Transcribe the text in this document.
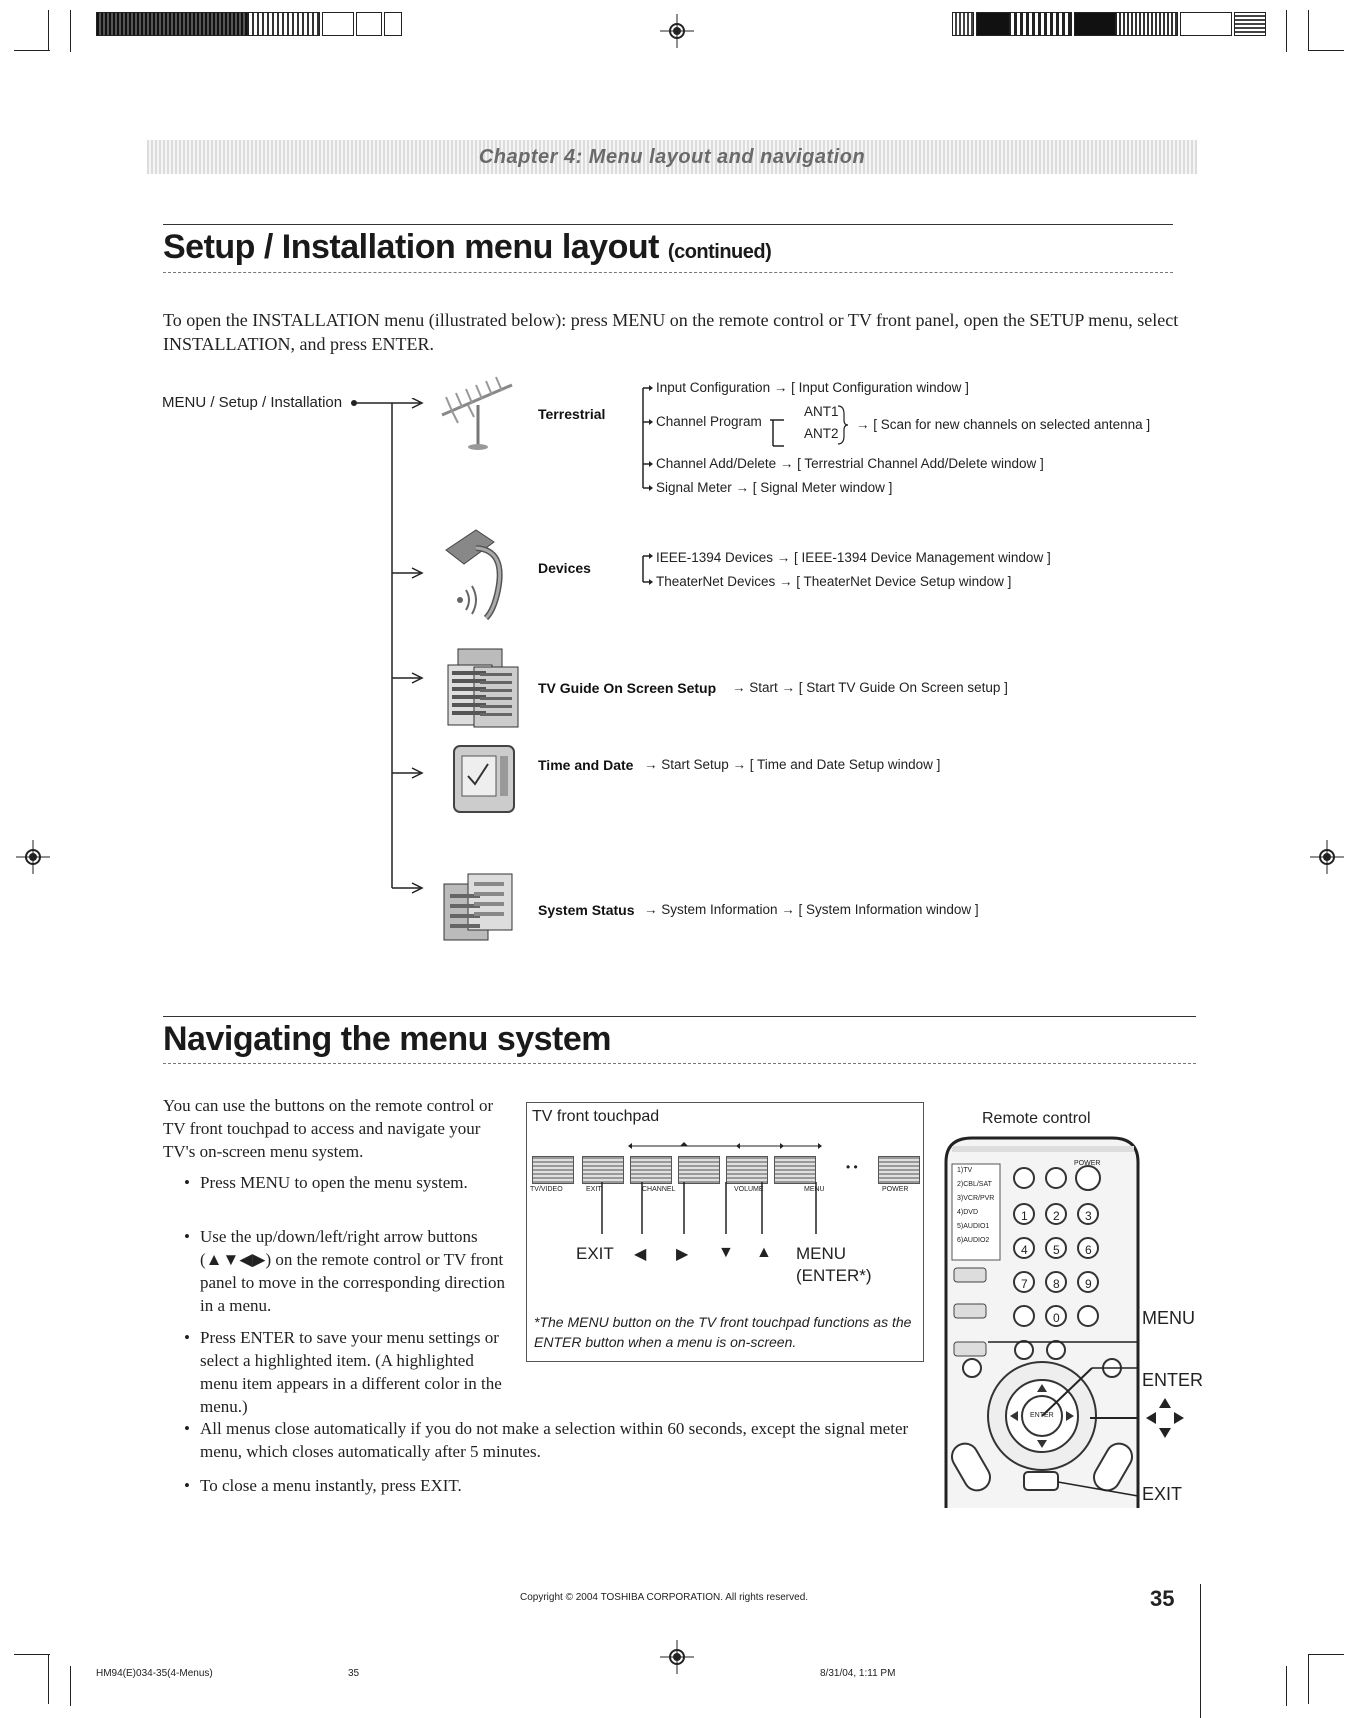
Chapter 4: Menu layout and navigation
Setup / Installation menu layout (continued)
To open the INSTALLATION menu (illustrated below): press MENU on the remote control or TV front panel, open the SETUP menu, select INSTALLATION, and press ENTER.
MENU / Setup / Installation
Terrestrial
Input Configuration → [ Input Configuration window ]
Channel Program
ANT1
ANT2
→ [ Scan for new channels on selected antenna ]
Channel Add/Delete → [ Terrestrial Channel Add/Delete window ]
Signal Meter → [ Signal Meter window ]
Devices
IEEE-1394 Devices → [ IEEE-1394 Device Management window ]
TheaterNet Devices → [ TheaterNet Device Setup window ]
TV Guide On Screen Setup → Start → [ Start TV Guide On Screen setup ]
Time and Date → Start Setup → [ Time and Date Setup window ]
System Status → System Information → [ System Information window ]
Navigating the menu system
You can use the buttons on the remote control or TV front touchpad to access and navigate your TV's on-screen menu system.
• Press MENU to open the menu system.
• Use the up/down/left/right arrow buttons (▲▼◀▶) on the remote control or TV front panel to move in the corresponding direction in a menu.
• Press ENTER to save your menu settings or select a highlighted item. (A highlighted menu item appears in a different color in the menu.)
• All menus close automatically if you do not make a selection within 60 seconds, except the signal meter menu, which closes automatically after 5 minutes.
• To close a menu instantly, press EXIT.
TV front touchpad
• •
TV/VIDEO	EXIT	CHANNEL	VOLUME	MENU	POWER
EXIT ◀ ▶ ▼ ▲ MENU
(ENTER*)
*The MENU button on the TV front touchpad functions as the ENTER button when a menu is on-screen.
Remote control
1)TV
2)CBL/SAT
3)VCR/PVR
4)DVD
5)AUDIO1
6)AUDIO2
POWER
ENTER
1 2 3
4 5 6
7 8 9
0	MENU
ENTER
EXIT
Copyright © 2004 TOSHIBA CORPORATION. All rights reserved.	35
HM94(E)034-35(4-Menus)	35	8/31/04, 1:11 PM
